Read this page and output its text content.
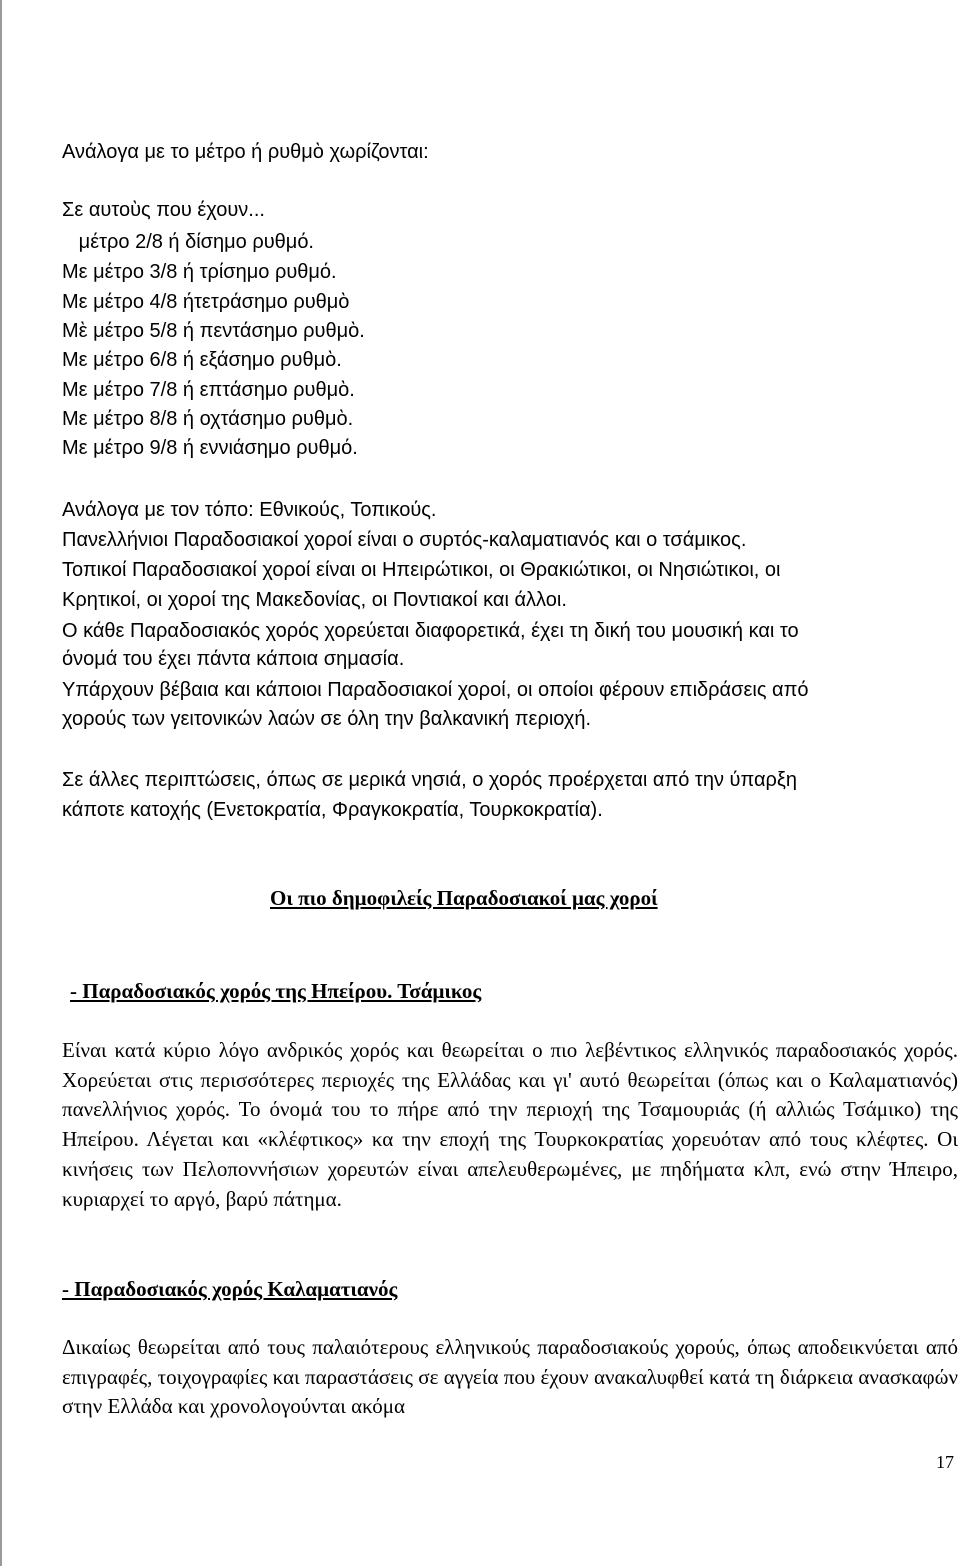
Ανάλογα με το μέτρο ή ρυθμὸ χωρίζονται:
Σε αυτοὺς που έχουν...
μέτρο 2/8 ή δίσημο ρυθμό.
Με μέτρο 3/8 ή τρίσημο ρυθμό.
Με μέτρο 4/8 ήτετράσημο ρυθμὸ
Μὲ μέτρο 5/8 ή πεντάσημο ρυθμὸ.
Με μέτρο 6/8 ή εξάσημο ρυθμὸ.
Με μέτρο 7/8 ή επτάσημο ρυθμὸ.
Με μέτρο 8/8 ή οχτάσημο ρυθμὸ.
Με μέτρο 9/8 ή εννιάσημο ρυθμό.
Ανάλογα με τον τόπο: Εθνικούς, Τοπικούς.
Πανελλήνιοι Παραδοσιακοί χοροί είναι ο συρτός-καλαματιανός και ο τσάμικος.
Τοπικοί Παραδοσιακοί χοροί είναι οι Ηπειρώτικοι, οι Θρακιώτικοι, οι Νησιώτικοι, οι
Κρητικοί, οι χοροί της Μακεδονίας, οι Ποντιακοί και άλλοι.
Ο κάθε Παραδοσιακός χορός χορεύεται διαφορετικά, έχει τη δική του μουσική και το
όνομά του έχει πάντα κάποια σημασία.
Υπάρχουν βέβαια και κάποιοι Παραδοσιακοί χοροί, οι οποίοι φέρουν επιδράσεις από
χορούς των γειτονικών λαών σε όλη την βαλκανική περιοχή.
Σε άλλες περιπτώσεις, όπως σε μερικά νησιά, ο χορός προέρχεται από την ύπαρξη
κάποτε κατοχής (Ενετοκρατία, Φραγκοκρατία, Τουρκοκρατία).
Οι πιο δημοφιλείς Παραδοσιακοί μας χοροί
- Παραδοσιακός χορός της Ηπείρου. Τσάμικος
Είναι κατά κύριο λόγο ανδρικός χορός και θεωρείται ο πιο λεβέντικος ελληνικός παραδοσιακός χορός. Χορεύεται στις περισσότερες περιοχές της Ελλάδας και γι' αυτό θεωρείται (όπως και ο Καλαματιανός) πανελλήνιος χορός. Το όνομά του το πήρε από την περιοχή της Τσαμουριάς (ή αλλιώς Τσάμικο) της Ηπείρου. Λέγεται και «κλέφτικος» κα την εποχή της Τουρκοκρατίας χορευόταν από τους κλέφτες. Οι κινήσεις των Πελοποννήσιων χορευτών είναι απελευθερωμένες, με πηδήματα κλπ, ενώ στην Ήπειρο, κυριαρχεί το αργό, βαρύ πάτημα.
- Παραδοσιακός χορός Καλαματιανός
Δικαίως θεωρείται από τους παλαιότερους ελληνικούς παραδοσιακούς χορούς, όπως αποδεικνύεται από επιγραφές, τοιχογραφίες και παραστάσεις σε αγγεία που έχουν ανακαλυφθεί κατά τη διάρκεια ανασκαφών στην Ελλάδα και χρονολογούνται ακόμα
17
